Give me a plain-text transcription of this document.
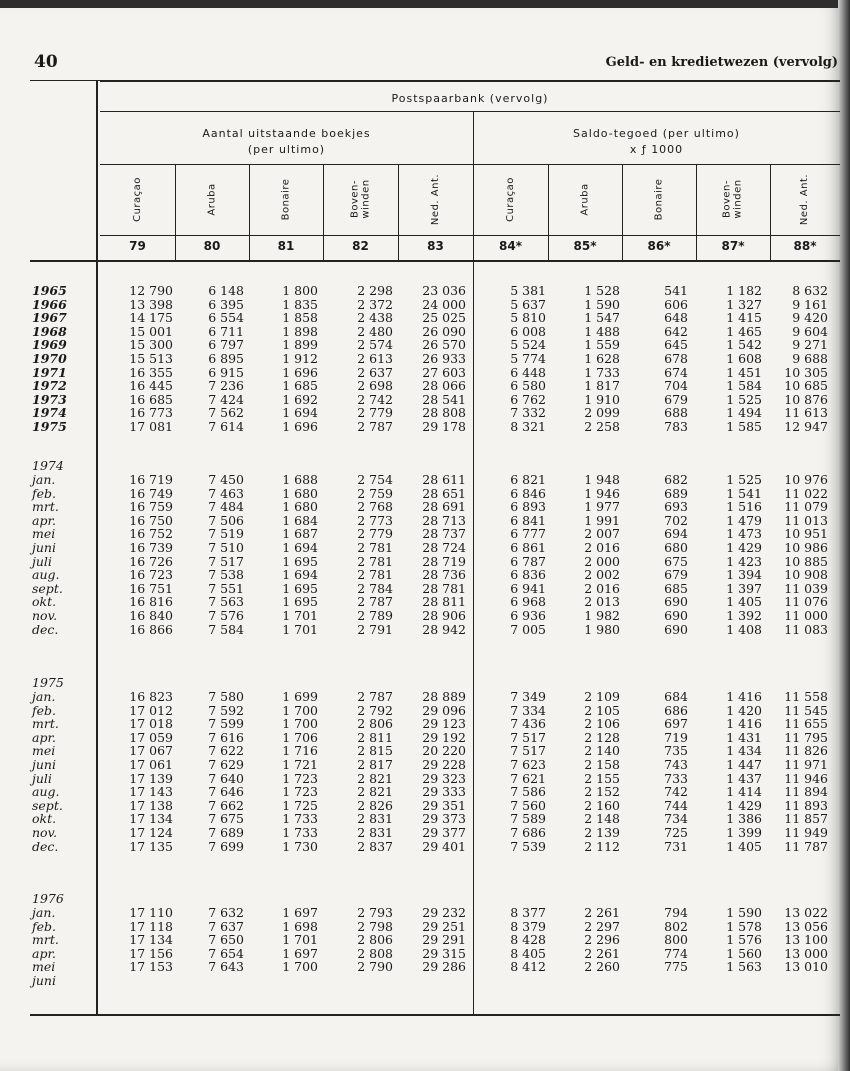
40	Geld- en kredietwezen (vervolg)
Postspaarbank (vervolg)
Aantal uitstaande boekjes
(per ultimo)
Saldo-tegoed (per ultimo)
x ƒ 1000
Curaçao
79
Aruba
80
Bonaire
81
Boven-
winden
82
Ned. Ant.
83
Curaçao
84*
Aruba
85*
Bonaire
86*
Boven-
winden
87*
Ned. Ant.
88*
1965	12 790	6 148	1 800	2 298	23 036	5 381	1 528	541	1 182	8 632
1966	13 398	6 395	1 835	2 372	24 000	5 637	1 590	606	1 327	9 161
1967	14 175	6 554	1 858	2 438	25 025	5 810	1 547	648	1 415	9 420
1968	15 001	6 711	1 898	2 480	26 090	6 008	1 488	642	1 465	9 604
1969	15 300	6 797	1 899	2 574	26 570	5 524	1 559	645	1 542	9 271
1970	15 513	6 895	1 912	2 613	26 933	5 774	1 628	678	1 608	9 688
1971	16 355	6 915	1 696	2 637	27 603	6 448	1 733	674	1 451	10 305
1972	16 445	7 236	1 685	2 698	28 066	6 580	1 817	704	1 584	10 685
1973	16 685	7 424	1 692	2 742	28 541	6 762	1 910	679	1 525	10 876
1974	16 773	7 562	1 694	2 779	28 808	7 332	2 099	688	1 494	11 613
1975	17 081	7 614	1 696	2 787	29 178	8 321	2 258	783	1 585	12 947
1974
jan.	16 719	7 450	1 688	2 754	28 611	6 821	1 948	682	1 525	10 976
feb.	16 749	7 463	1 680	2 759	28 651	6 846	1 946	689	1 541	11 022
mrt.	16 759	7 484	1 680	2 768	28 691	6 893	1 977	693	1 516	11 079
apr.	16 750	7 506	1 684	2 773	28 713	6 841	1 991	702	1 479	11 013
mei	16 752	7 519	1 687	2 779	28 737	6 777	2 007	694	1 473	10 951
juni	16 739	7 510	1 694	2 781	28 724	6 861	2 016	680	1 429	10 986
juli	16 726	7 517	1 695	2 781	28 719	6 787	2 000	675	1 423	10 885
aug.	16 723	7 538	1 694	2 781	28 736	6 836	2 002	679	1 394	10 908
sept.	16 751	7 551	1 695	2 784	28 781	6 941	2 016	685	1 397	11 039
okt.	16 816	7 563	1 695	2 787	28 811	6 968	2 013	690	1 405	11 076
nov.	16 840	7 576	1 701	2 789	28 906	6 936	1 982	690	1 392	11 000
dec.	16 866	7 584	1 701	2 791	28 942	7 005	1 980	690	1 408	11 083
1975
jan.	16 823	7 580	1 699	2 787	28 889	7 349	2 109	684	1 416	11 558
feb.	17 012	7 592	1 700	2 792	29 096	7 334	2 105	686	1 420	11 545
mrt.	17 018	7 599	1 700	2 806	29 123	7 436	2 106	697	1 416	11 655
apr.	17 059	7 616	1 706	2 811	29 192	7 517	2 128	719	1 431	11 795
mei	17 067	7 622	1 716	2 815	20 220	7 517	2 140	735	1 434	11 826
juni	17 061	7 629	1 721	2 817	29 228	7 623	2 158	743	1 447	11 971
juli	17 139	7 640	1 723	2 821	29 323	7 621	2 155	733	1 437	11 946
aug.	17 143	7 646	1 723	2 821	29 333	7 586	2 152	742	1 414	11 894
sept.	17 138	7 662	1 725	2 826	29 351	7 560	2 160	744	1 429	11 893
okt.	17 134	7 675	1 733	2 831	29 373	7 589	2 148	734	1 386	11 857
nov.	17 124	7 689	1 733	2 831	29 377	7 686	2 139	725	1 399	11 949
dec.	17 135	7 699	1 730	2 837	29 401	7 539	2 112	731	1 405	11 787
1976
jan.	17 110	7 632	1 697	2 793	29 232	8 377	2 261	794	1 590	13 022
feb.	17 118	7 637	1 698	2 798	29 251	8 379	2 297	802	1 578	13 056
mrt.	17 134	7 650	1 701	2 806	29 291	8 428	2 296	800	1 576	13 100
apr.	17 156	7 654	1 697	2 808	29 315	8 405	2 261	774	1 560	13 000
mei	17 153	7 643	1 700	2 790	29 286	8 412	2 260	775	1 563	13 010
juni
